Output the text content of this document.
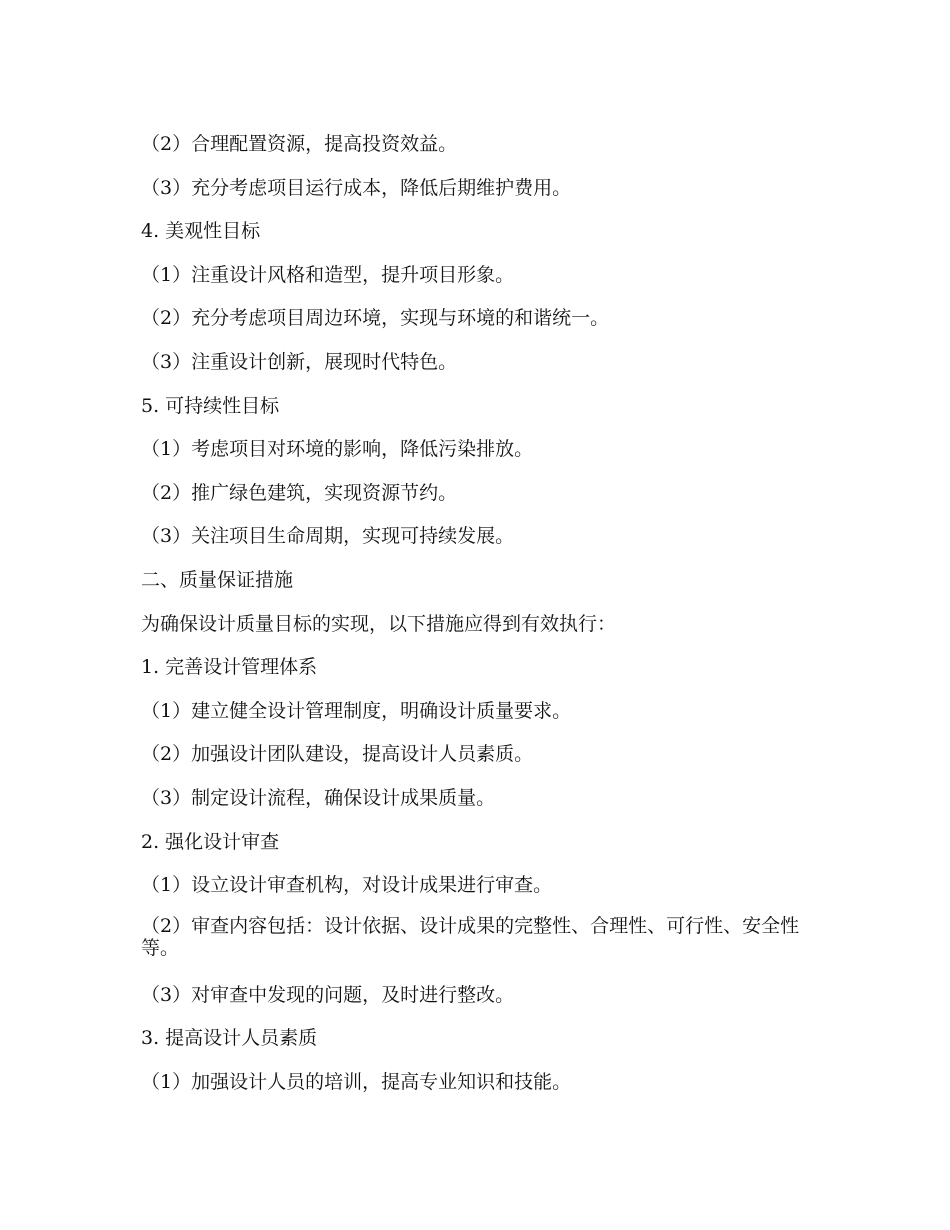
（2）合理配置资源，提高投资效益。

（3）充分考虑项目运行成本，降低后期维护费用。

4. 美观性目标

（1）注重设计风格和造型，提升项目形象。

（2）充分考虑项目周边环境，实现与环境的和谐统一。

（3）注重设计创新，展现时代特色。

5. 可持续性目标

（1）考虑项目对环境的影响，降低污染排放。

（2）推广绿色建筑，实现资源节约。

（3）关注项目生命周期，实现可持续发展。

二、质量保证措施

为确保设计质量目标的实现，以下措施应得到有效执行：

1. 完善设计管理体系

（1）建立健全设计管理制度，明确设计质量要求。

（2）加强设计团队建设，提高设计人员素质。

（3）制定设计流程，确保设计成果质量。

2. 强化设计审查

（1）设立设计审查机构，对设计成果进行审查。

（2）审查内容包括：设计依据、设计成果的完整性、合理性、可行性、安全性等。

（3）对审查中发现的问题，及时进行整改。

3. 提高设计人员素质

（1）加强设计人员的培训，提高专业知识和技能。
